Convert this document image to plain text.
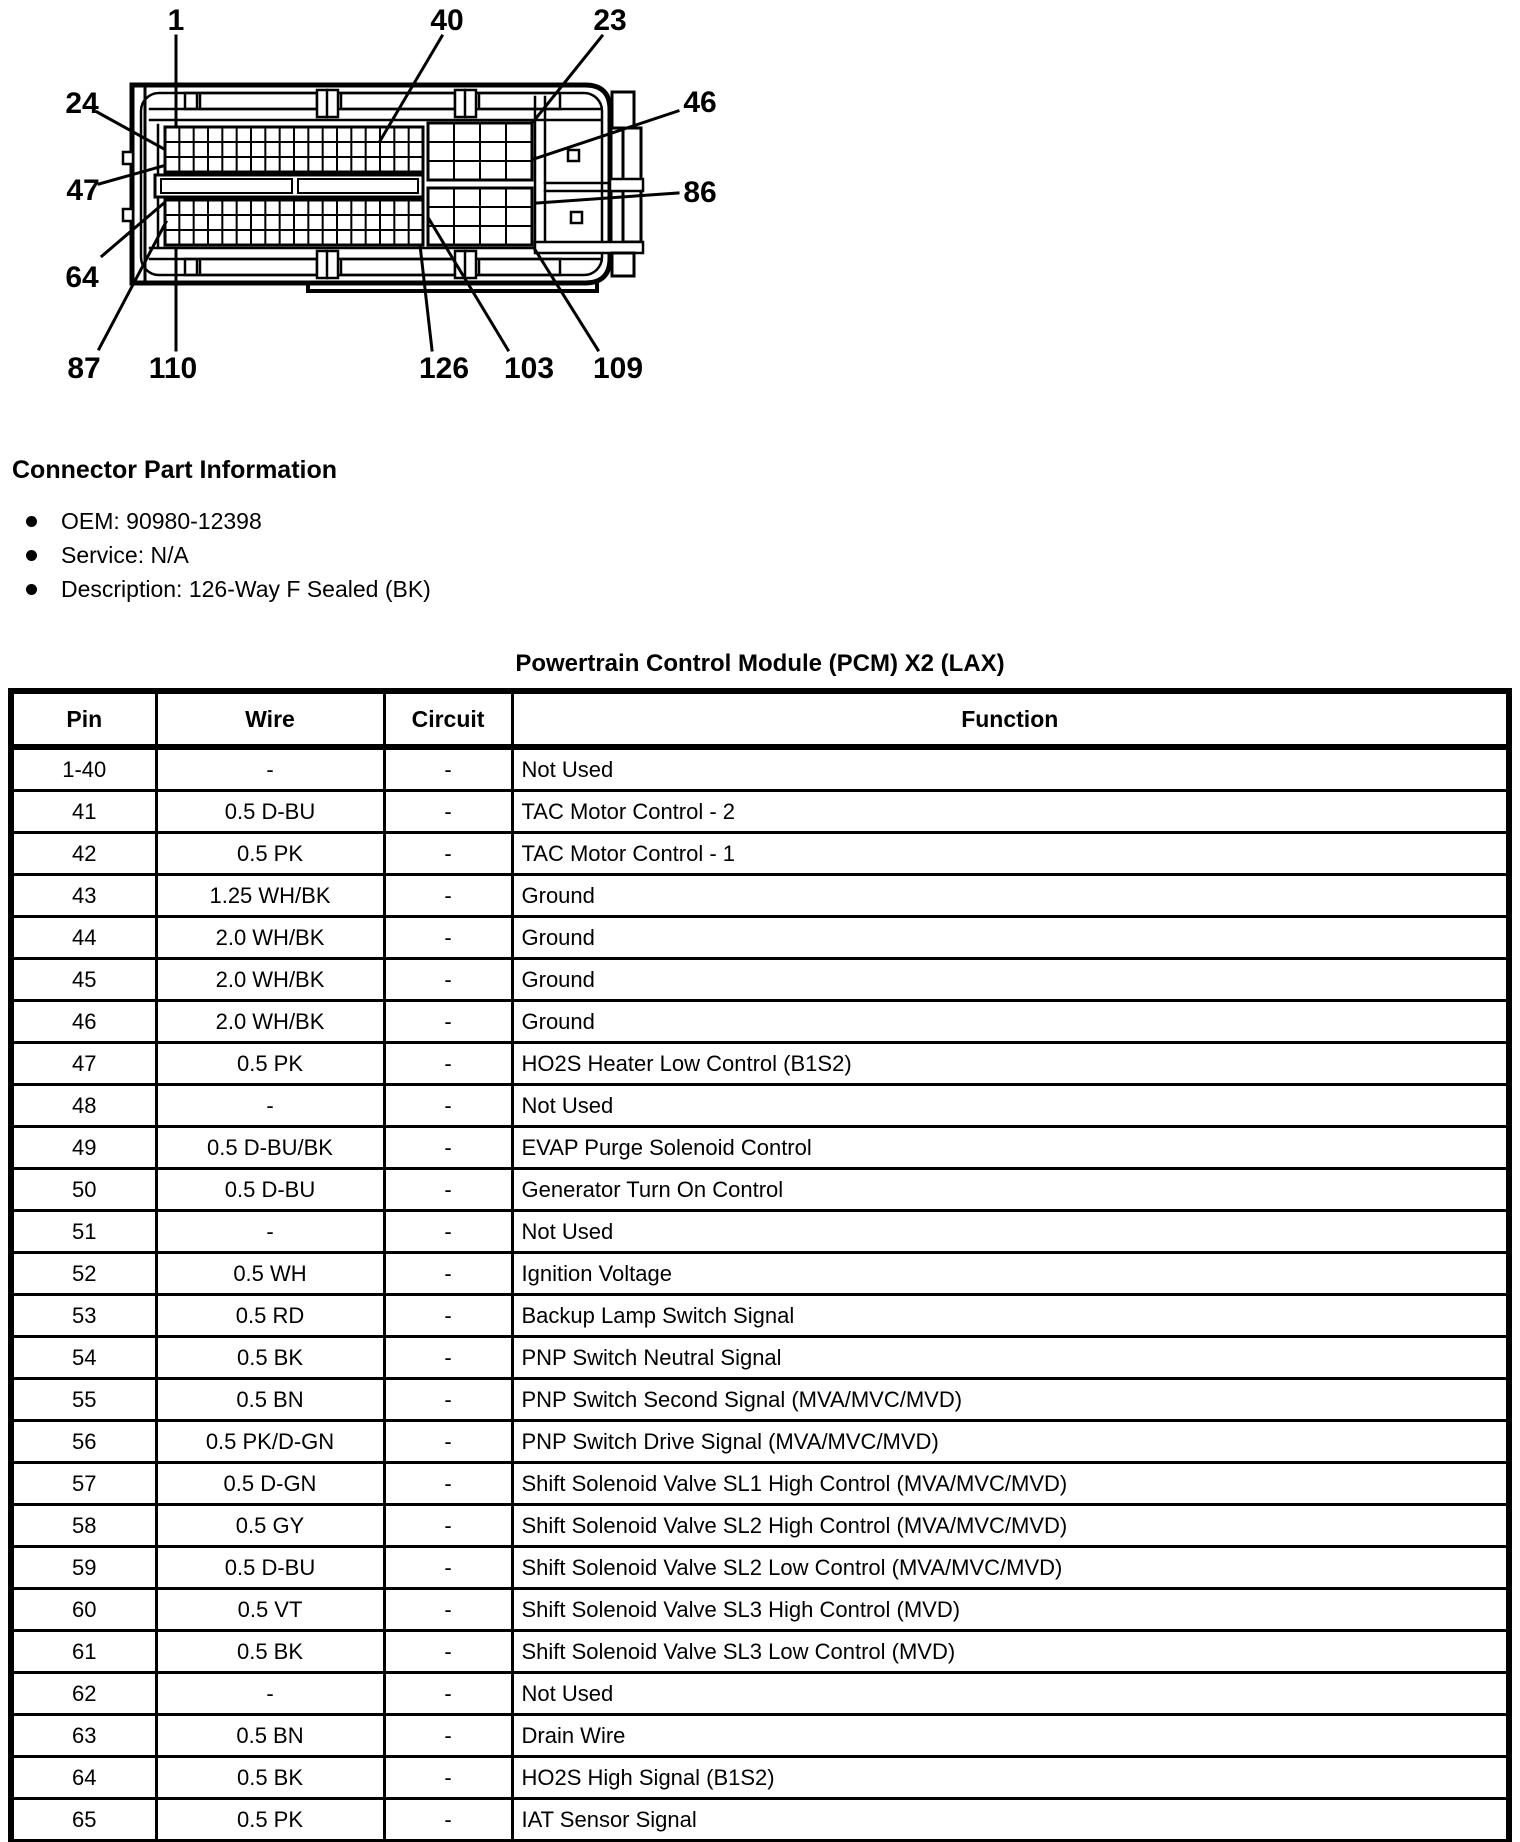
1	40	23
24
47
64
46
86
87 110	126 103 109
Connector Part Information
OEM: 90980-12398
Service: N/A
Description: 126-Way F Sealed (BK)
Powertrain Control Module (PCM) X2 (LAX)
Pin	Wire	Circuit	Function
1-40	-	-	Not Used
41	0.5 D-BU	-	TAC Motor Control - 2
42	0.5 PK	-	TAC Motor Control - 1
43	1.25 WH/BK	-	Ground
44	2.0 WH/BK	-	Ground
45	2.0 WH/BK	-	Ground
46	2.0 WH/BK	-	Ground
47	0.5 PK	-	HO2S Heater Low Control (B1S2)
48	-	-	Not Used
49	0.5 D-BU/BK	-	EVAP Purge Solenoid Control
50	0.5 D-BU	-	Generator Turn On Control
51	-	-	Not Used
52	0.5 WH	-	Ignition Voltage
53	0.5 RD	-	Backup Lamp Switch Signal
54	0.5 BK	-	PNP Switch Neutral Signal
55	0.5 BN	-	PNP Switch Second Signal (MVA/MVC/MVD)
56	0.5 PK/D-GN	-	PNP Switch Drive Signal (MVA/MVC/MVD)
57	0.5 D-GN	-	Shift Solenoid Valve SL1 High Control (MVA/MVC/MVD)
58	0.5 GY	-	Shift Solenoid Valve SL2 High Control (MVA/MVC/MVD)
59	0.5 D-BU	-	Shift Solenoid Valve SL2 Low Control (MVA/MVC/MVD)
60	0.5 VT	-	Shift Solenoid Valve SL3 High Control (MVD)
61	0.5 BK	-	Shift Solenoid Valve SL3 Low Control (MVD)
62	-	-	Not Used
63	0.5 BN	-	Drain Wire
64	0.5 BK	-	HO2S High Signal (B1S2)
65	0.5 PK	-	IAT Sensor Signal
